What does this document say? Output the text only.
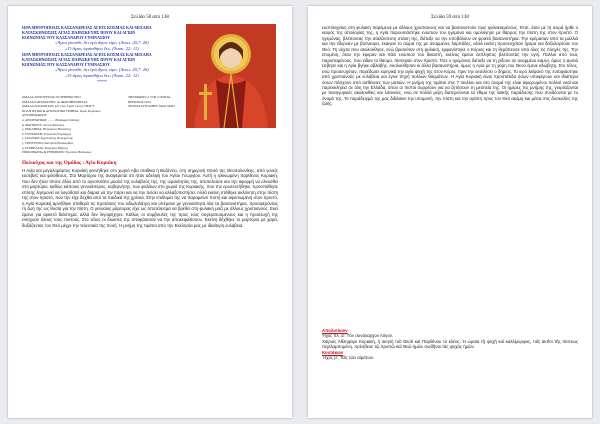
Σελίδα 58 από 138
ΙΕΡΑ ΜΗΤΡΟΠΟΛΙΣ ΚΑΣΣΑΝΔΡΕΙΑΣ ΑΓΙΟΣ ΚΟΣΜΑΣ ΚΑΙ ΜΙΧΑΗΛ
ΚΑΤΑΣΚΗΝΩΣΕΙΣ ΑΓΙΑΣ ΠΑΡΑΣΚΕΥΗΣ ΙΕΡΟΥ ΚΑΙ ΑΓΙΩΝ
ΚΟΙΝΩΝΙΑΣ ΤΟΥ ΚΑΣΣΑΝΔΡΟΥ ΓΥΜΝΑΣΙΟΥ
«Ἅγιοι γίνεσθε, ὅτι ἐγὼ ἅγιος εἰμί» (Λευιτ. 20,7. 26)
«Ὁ ἅγιος ἁγιασθήτω ἔτι» (Ἀποκ. 22: 11)
ΙΕΡΑ ΜΗΤΡΟΠΟΛΙΣ ΚΑΣΣΑΝΔΡΕΙΑΣ ΑΓΙΟΣ ΚΟΣΜΑΣ ΚΑΙ ΜΙΧΑΗΛ
ΚΑΤΑΣΚΗΝΩΣΕΙΣ ΑΓΙΑΣ ΠΑΡΑΣΚΕΥΗΣ ΙΕΡΟΥ ΚΑΙ ΑΓΙΩΝ
ΚΟΙΝΩΝΙΑΣ ΤΟΥ ΚΑΣΣΑΝΔΡΟΥ ΓΥΜΝΑΣΙΟΥ
«Ἅγιοι γίνεσθε, ὅτι ἐγὼ ἅγιος εἰμί» (Λευιτ. 20,7. 26)
«Ὁ ἅγιος ἁγιασθήτω ἔτι» (Ἀποκ. 22: 11)
*****
ΟΜΑΔΑ ΛΕΙΤΟΥΡΓΙΑΣ: Θ ΟΡΘΡΙΝΟ ΝΕΟ
ΟΜΑΔΑ ΚΑΤΑΣΚΕΥΗΣ: ακ ΦΩΤΟΘΕΡΑΠΕΙΑΣ
ΟΜΑΔΑ ΑΓΙΟΛΟΓΙΟΥ: κατ έτος 3 μαθ. τμ/την ΠΕΡΙ Υ
ΠΟΛΙΤΙΣΤΙΚΟ & ΑΓΙΟΛΟΓΙΚΟ ΤΜΗΜΑ: Αγίου Κυρίακου
ΑΝΤΙΠΡΟΣΩΠΟΙ:
α. ΑΡΧΙΕΡΑΤΙΚΟΙ: …… Θεόδωρος Σιδέρης
β. ΦΩΤΙΚΟΥΣ: Λίτσος Φίλιππος
γ. ΕΚΚΛΗΣΙΑ: Ηγούμενος Βασίλειος
δ. ΣΥΝΤΑΚΤΗ: Γεργιστάς Κυρίαρχος
ε. ΣΧΟΛΙΚΟ: Αγγελούσης Πολυχρόνης
ζ. ΥΠΟΥΡΓΕΙΟ: Κατερίνα Θεοδωρίδου
η. ΕΠΙΜΕΛΕΙΑ: Κληρικός Μήτρος
ΕΠΙΚΟΙΝΩΝΙΑ & ΡΥΘΜΙΣΕΙΣ: Τζουλίνα Θεόδωρος
ΤΗΛΕΦΩΝΟ: 2 3740 2 ΠΑΝΤΑ
ΠΕΡΙΟΔΟΣ 2014
ΧΡΟΝΙΑ ΣΥΝΤΑΞΗΣ: ΜΑΝ ΜΑΝ
Πολιούχος και της Ομάδος : Αγία Κυριάκη
Η Αγία και μεγαλομάρτυς Κυριακή γεννήθηκε στο χωριό Αβα σταθικα ή Βυζάντιο, στη σημερινή Οσσά της Θεσσαλονίκης, από γονείς ευσεβείς και φιλόθεους. Στο Μαρτύριο της αναφέρεται ότι ήταν αδελφή του Αγίου Γεωργίου. Αυτή η ηλικιωμένη παρθένος Κυριακή, που δεν ήταν τίποτε άλλο από το αγνοτατάτο μυαλό της ευλαβούς της, της ωραιότητάς της, αποτελούσε και την αφορμή να ελκυσθεί στο μαρτύριο, καθώς κάποιος γενναίοτερος, κυβερνήτης, των φυλάων στο χωριό της Κυριακής, που την ερωτευτήθηκε, προσπάθησε επίσης λησμονεί να λογοδοτεί και διαρια να την πάρει και να την πείσει να αλλαξοπιστήσει. Αλλά εκείνη στάθηκε ακλόνητη στην πίστη της στον Χριστό, που την είχε δεχθεί από τα παιδικά της χρόνια. Στην επιθυμία της να παραμείνει πιστή και αφοσιωμένη στον Χριστό, η Αγία Κυριακή αρνήθηκε σταθερά τις προτάσεις του ειδωλολάτρη και υπέμεινε με γενναιότητα όλα τα βασανιστήρια, προσφέροντας τη ζωή της ως θυσία για την πίστη. Ο γενναίος μάρτυρας είχε ως αποτέλεσμα να βρεθεί στη φυλακή μαζί με άλλους χριστιανούς. Εκεί έμεινε για αρκετό διάστημα, αλλά δεν λιγοψύχησε. Καθώς οι συμβουλές της προς τους συγκρατούμενους και η προσευχή της ενίσχυαν όλους τους πιστούς. Στο τέλος οι διώκτες της αποφάσισαν να την αποκεφαλίσουν. Εκείνη δέχθηκε το μαρτύριο με χαρά, δοξάζοντας τον Θεό μέχρι την τελευταία της πνοή. Η μνήμη της τιμάται από την Εκκλησία μας με ιδιαίτερη ευλάβεια.
Σελίδα 59 από 138
ευσπλαχνίας στη φυλακή παρέμεινε με άλλους χριστιανούς και να βασανιστούν τους φυλακισμένους. Έτσι, όταν με τη σειρά ήρθε ο καιρός της απολογίας της, η Αγία παρουσιάστηκε ενώπιον του ηγεμόνα και ομολόγησε με θάρρος την πίστη της στον Χριστό. Ο ηγεμόνας, βλέποντας την αταλάντευτη στάση της, διέταξε να την υποβάλουν σε φρικτά βασανιστήρια. Την κρέμασαν από τα μαλλιά και την έδερναν με βούνευρα, έκαιγαν το σώμα της με αναμμένες λαμπάδες, αλλά εκείνη προσευχόταν ήρεμα και δοξολογούσε τον Θεό. Τη νύχτα που ακολούθησε, ενώ βρισκόταν στη φυλακή, εμφανίστηκε ο Κύριος και τη θεράπευσε από όλες τις πληγές της. Την επομένη, όταν την έφεραν και πάλι ενώπιον του δικαστή, εκείνος έμεινε έκπληκτος βλέποντάς την υγιή. Πολλοί από τους παρισταμένους, που είδαν το θαύμα, πίστεψαν στον Χριστό. Τότε ο ηγεμόνας διέταξε να τη ρίξουν σε αναμμένο καμίνι, όμως η φωτιά έσβησε και η Αγία βγήκε αβλαβής. Ακολούθησαν κι άλλα βασανιστήρια, όμως η Αγία με τη χάρη του Θεού έμενε αλώβητη. Στο τέλος, ενώ προσευχόταν, παρέδωσε ειρηνικά την αγία ψυχή της στον Κύριο, πριν την εκτελέσει ο δήμιος. Το ιερό λείψανό της ενταφιάστηκε από χριστιανούς με ευλάβεια και έγινε πηγή πολλών θαυμάτων. Η Αγία Κυριακή είναι προστάτιδα όσων υποφέρουν και ιδιαίτερα όσων πάσχουν από ασθένειες των ματιών. Η μνήμη της τιμάται στις 7 Ιουλίου και στο όνομά της είναι αφιερωμένοι πολλοί ναοί και παρεκκλήσια σε όλη την Ελλάδα, όπου οι πιστοί συρρέουν για να ζητήσουν τη μεσιτεία της. Οι ημέρες της μνήμης της, γιορτάζονται με πανηγυρικές ακολουθίες και λιτανείες, ενώ σε πολλά μέρη διατηρούνται τα έθιμα της λαϊκής παράδοσης που συνδέονται με το όνομά της. Το παράδειγμά της μας διδάσκει την υπομονή, την πίστη και την αγάπη προς τον Θεό ακόμη και μέσα στις δυσκολίες της ζωής.
Απολυτίκιον
Ήχος πλ. α'. Τὸν συνάναρχον Λόγον.
Χαίροις Ἀθληφόρε Κυριακή, ἡ σκηνὴ τοῦ Θεοῦ καὶ Παρθένου τὸ κλέος. Ἡ ὡραία τῇ ψυχῇ καὶ καλλίμορφος, τοῖς ἀκτῖσι τῆς πίστεως περιλαμπομένη, πρέσβευε τῷ Χριστῷ καὶ Θεῷ ἡμῶν σωθῆναι τὰς ψυχὰς ἡμῶν.
Κοντάκιον
Ἦχος β'. Τοῖς τῶν αἱμάτων.
